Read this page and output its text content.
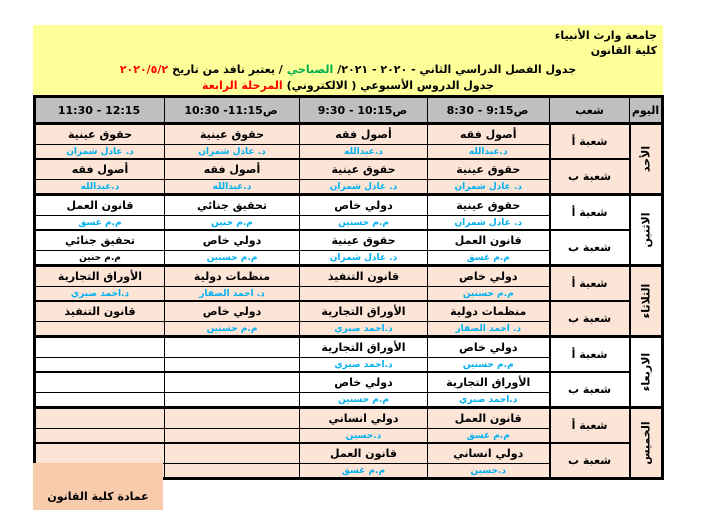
جامعة وارث الأنبياء
كلية القانون
جدول الفصل الدراسي الثاني - ٢٠٢٠ - ٢٠٢١/الصباحي/ يعتبر نافذ من تاريخ٢٠٢٠/٥/٢
جدول الدروس الأسبوعي ( الالكتروني)المرحلة الرابعة
اليوم	شعب	ص8:30 - 9:15	ص9:30 - 10:15	ص10:30 -11:15	11:30 - 12:15

الأحد	شعبة أ	أصول فقه	أصول فقه	حقوق عينية	حقوق عينية
		د.عبدالله	د.عبدالله	د. عادل شمران	د. عادل شمران
	شعبة ب	حقوق عينية	حقوق عينية	أصول فقه	أصول فقه
		د. عادل شمران	د. عادل شمران	د.عبدالله	د.عبدالله

الاثنين	شعبة أ	حقوق عينية	دولي خاص	تحقيق جنائي	قانون العمل
		د. عادل شمران	م.م حسنين	م.م حنين	م.م غسق
	شعبة ب	قانون العمل	حقوق عينية	دولي خاص	تحقيق جنائي
		م.م غسق	د. عادل شمران	م.م حسنين	م.م حنين

الثلاثاء	شعبة أ	دولي خاص	قانون التنفيذ	منظمات دولية	الأوراق التجارية
		م.م حسنين		د. احمد الصفار	د.احمد صبري
	شعبة ب	منظمات دولية	الأوراق التجارية	دولي خاص	قانون التنفيذ
		د. احمد الصفار	د.احمد صبري	م.م حسنين	

الاربعاء	شعبة أ	دولي خاص	الأوراق التجارية		
		م.م حسنين	د.احمد صبري		
	شعبة ب	الأوراق التجارية	دولي خاص		
		د.احمد صبري	م.م حسنين		

الخميس	شعبة أ	قانون العمل	دولي انساني		
		م.م غسق	د.حسين		
	شعبة ب	دولي انساني	قانون العمل		
		د.حسين	م.م غسق		
عمادة كلية القانون
